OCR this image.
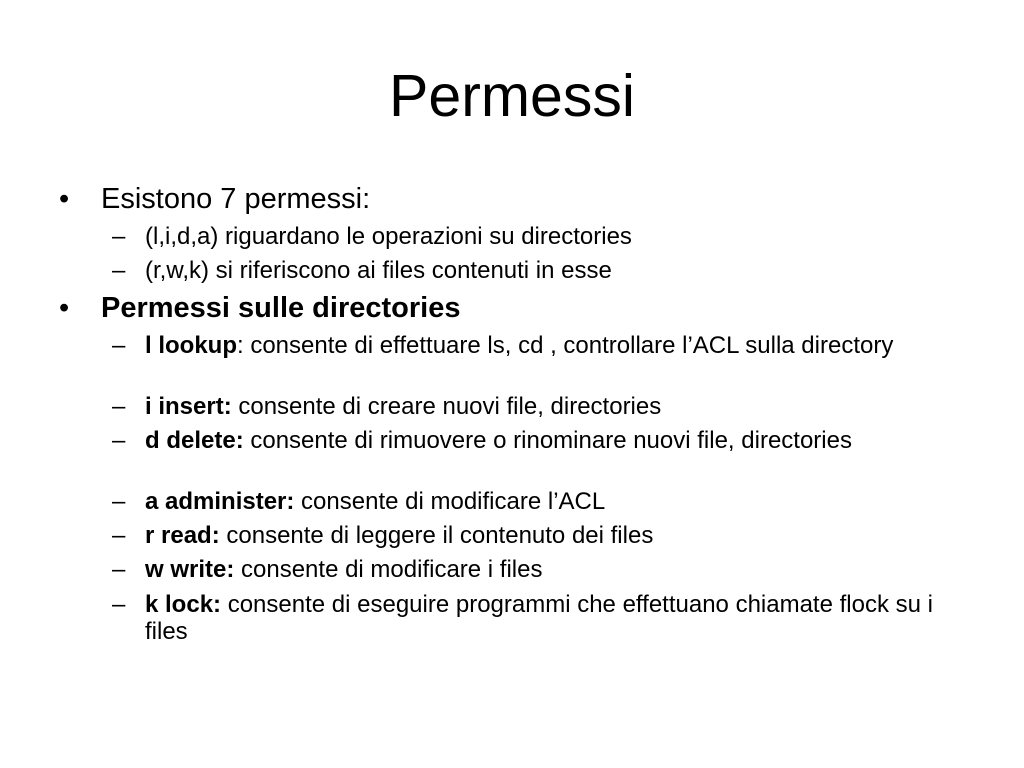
Permessi
•	Esistono 7 permessi:
– (l,i,d,a) riguardano le operazioni su directories
– (r,w,k) si riferiscono ai files contenuti in esse
•	Permessi sulle directories
– l lookup: consente di effettuare ls, cd , controllare l’ACL sulla directory
– i insert: consente di creare nuovi file, directories
– d delete: consente di rimuovere o rinominare nuovi file, directories
– a administer: consente di modificare l’ACL
– r read: consente di leggere il contenuto dei files
– w write: consente di modificare i files
– k lock: consente di eseguire programmi che effettuano chiamate flock su i files
